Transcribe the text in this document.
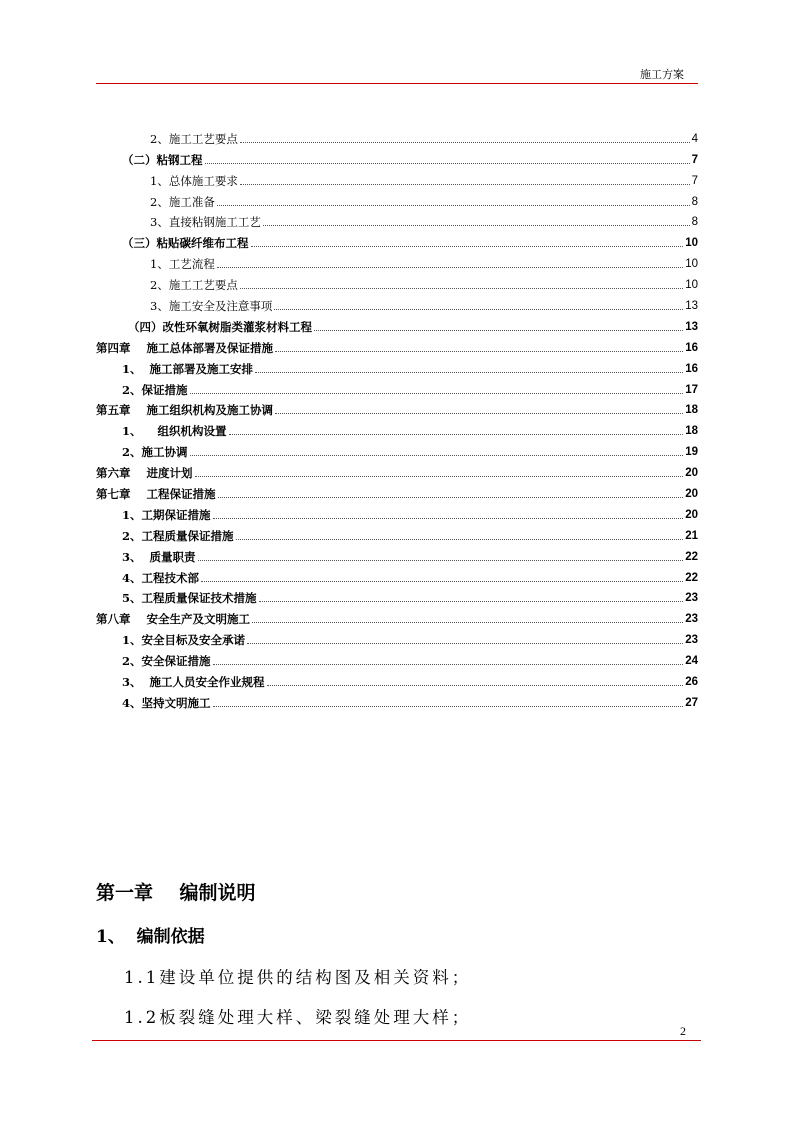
施工方案
2、施工工艺要点	4
（二）粘钢工程	7
1、总体施工要求	7
2、施工准备	8
3、直接粘钢施工工艺	8
（三）粘贴碳纤维布工程	10
1、工艺流程	10
2、施工工艺要点	10
3、施工安全及注意事项	13
（四）改性环氧树脂类灌浆材料工程	13
第四章    施工总体部署及保证措施	16
1、  施工部署及施工安排	16
2、保证措施	17
第五章    施工组织机构及施工协调	18
1、    组织机构设置	18
2、施工协调	19
第六章    进度计划	20
第七章    工程保证措施	20
1、工期保证措施	20
2、工程质量保证措施	21
3、  质量职责	22
4、工程技术部	22
5、工程质量保证技术措施	23
第八章    安全生产及文明施工	23
1、安全目标及安全承诺	23
2、安全保证措施	24
3、  施工人员安全作业规程	26
4、坚持文明施工	27
第一章    编制说明
1、  编制依据
1.1建设单位提供的结构图及相关资料；
1.2板裂缝处理大样、梁裂缝处理大样；
2
